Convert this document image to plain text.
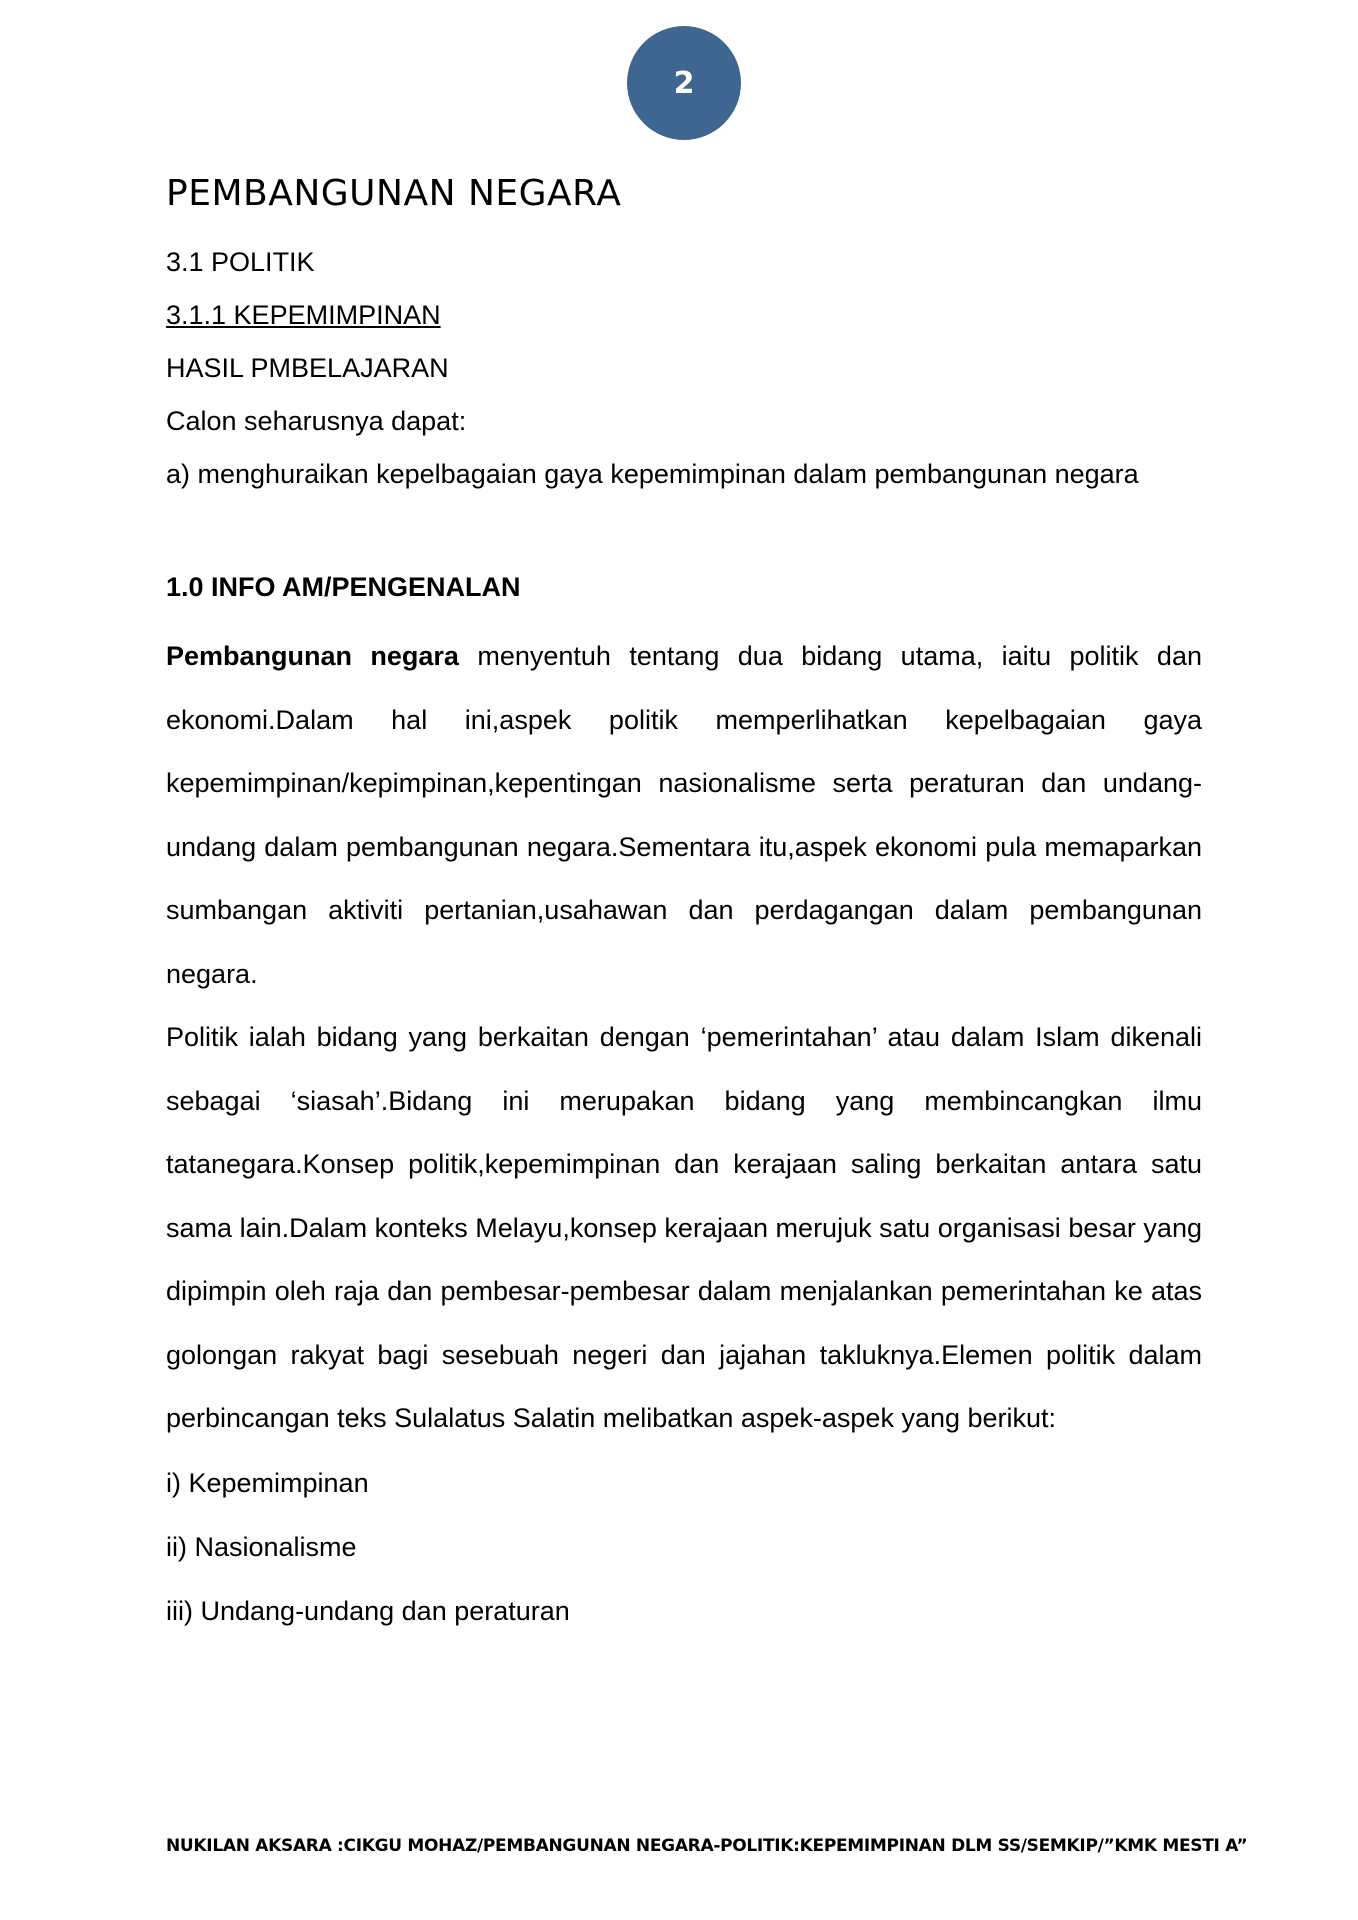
2
PEMBANGUNAN NEGARA

3.1 POLITIK

3.1.1 KEPEMIMPINAN

HASIL PMBELAJARAN

Calon seharusnya dapat:

a) menghuraikan kepelbagaian gaya kepemimpinan dalam pembangunan negara

1.0 INFO AM/PENGENALAN

Pembangunan negara menyentuh tentang dua bidang utama, iaitu politik dan ekonomi.Dalam hal ini,aspek politik memperlihatkan kepelbagaian gaya kepemimpinan/kepimpinan,kepentingan nasionalisme serta peraturan dan undang-undang dalam pembangunan negara.Sementara itu,aspek ekonomi pula memaparkan sumbangan aktiviti pertanian,usahawan dan perdagangan dalam pembangunan negara.

Politik ialah bidang yang berkaitan dengan ‘pemerintahan’ atau dalam Islam dikenali sebagai ‘siasah’.Bidang ini merupakan bidang yang membincangkan ilmu tatanegara.Konsep politik,kepemimpinan dan kerajaan saling berkaitan antara satu sama lain.Dalam konteks Melayu,konsep kerajaan merujuk satu organisasi besar yang dipimpin oleh raja dan pembesar-pembesar dalam menjalankan pemerintahan ke atas golongan rakyat bagi sesebuah negeri dan jajahan takluknya.Elemen politik dalam perbincangan teks Sulalatus Salatin melibatkan aspek-aspek yang berikut:

i) Kepemimpinan

ii) Nasionalisme

iii) Undang-undang dan peraturan

NUKILAN AKSARA :CIKGU MOHAZ/PEMBANGUNAN NEGARA-POLITIK:KEPEMIMPINAN DLM SS/SEMKIP/”KMK MESTI A”
